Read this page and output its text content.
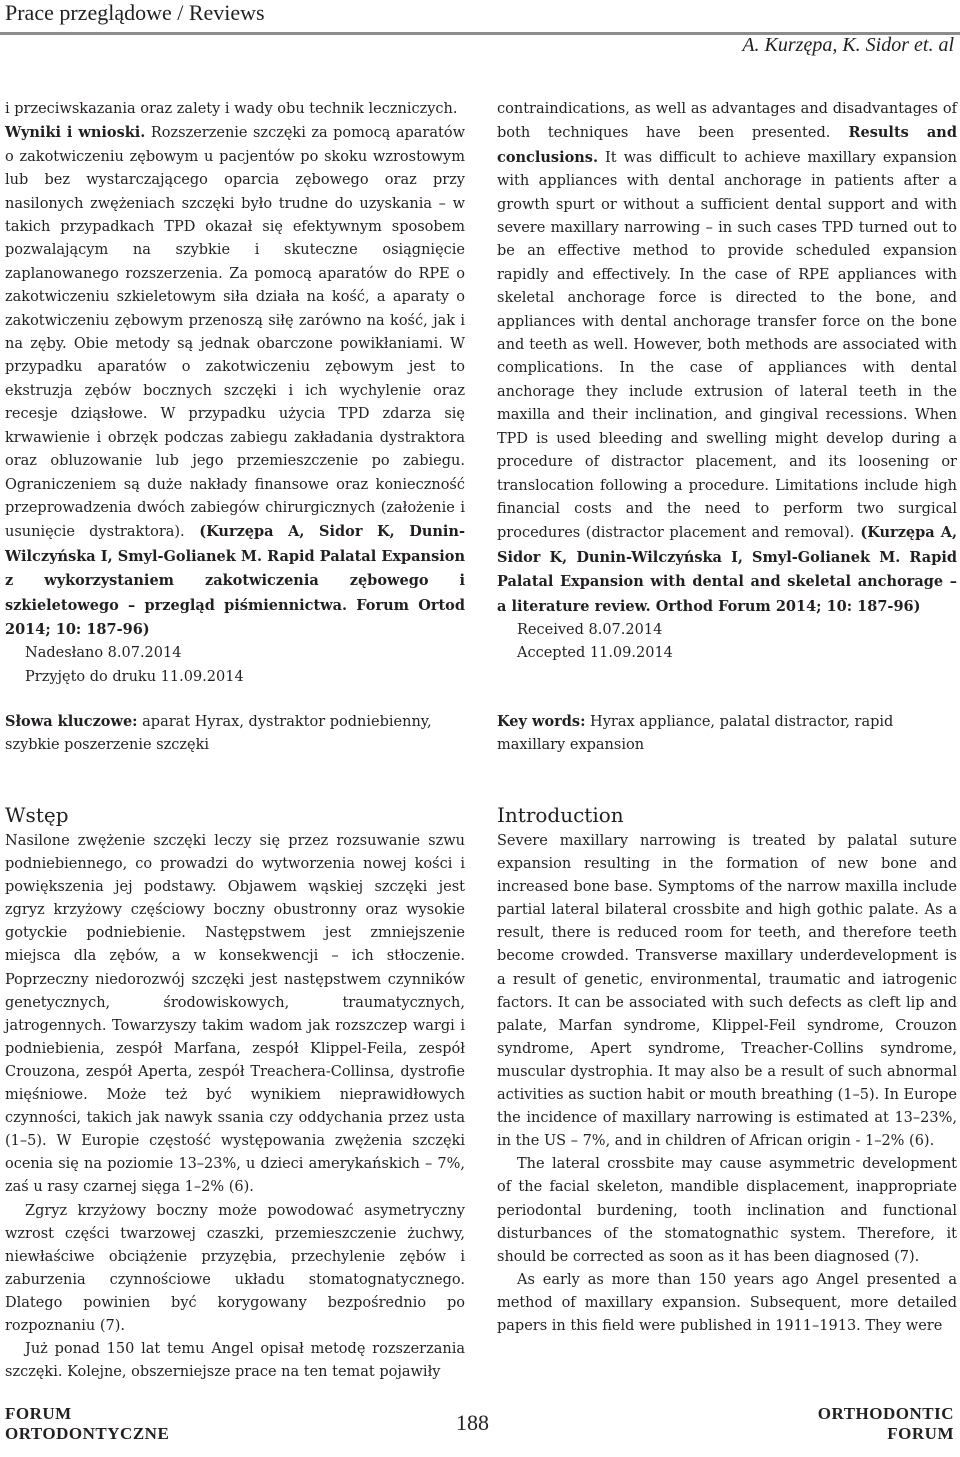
Prace przeglądowe / Reviews
A. Kurzępa, K. Sidor et. al

i przeciwskazania oraz zalety i wady obu technik leczniczych.
Wyniki i wnioski. Rozszerzenie szczęki za pomocą aparatów o zakotwiczeniu zębowym u pacjentów po skoku wzrostowym lub bez wystarczającego oparcia zębowego oraz przy nasilonych zwężeniach szczęki było trudne do uzyskania – w takich przypadkach TPD okazał się efektywnym sposobem pozwalającym na szybkie i skuteczne osiągnięcie zaplanowanego rozszerzenia. Za pomocą aparatów do RPE o zakotwiczeniu szkieletowym siła działa na kość, a aparaty o zakotwiczeniu zębowym przenoszą siłę zarówno na kość, jak i na zęby. Obie metody są jednak obarczone powikłaniami. W przypadku aparatów o zakotwiczeniu zębowym jest to ekstruzja zębów bocznych szczęki i ich wychylenie oraz recesje dziąsłowe. W przypadku użycia TPD zdarza się krwawienie i obrzęk podczas zabiegu zakładania dystraktora oraz obluzowanie lub jego przemieszczenie po zabiegu. Ograniczeniem są duże nakłady finansowe oraz konieczność przeprowadzenia dwóch zabiegów chirurgicznych (założenie i usunięcie dystraktora). (Kurzępa A, Sidor K, Dunin-Wilczyńska I, Smyl-Golianek M. Rapid Palatal Expansion z wykorzystaniem zakotwiczenia zębowego i szkieletowego – przegląd piśmiennictwa. Forum Ortod 2014; 10: 187-96)

Nadesłano 8.07.2014

Przyjęto do druku 11.09.2014

contraindications, as well as advantages and disadvantages of both techniques have been presented. Results and conclusions. It was difficult to achieve maxillary expansion with appliances with dental anchorage in patients after a growth spurt or without a sufficient dental support and with severe maxillary narrowing – in such cases TPD turned out to be an effective method to provide scheduled expansion rapidly and effectively. In the case of RPE appliances with skeletal anchorage force is directed to the bone, and appliances with dental anchorage transfer force on the bone and teeth as well. However, both methods are associated with complications. In the case of appliances with dental anchorage they include extrusion of lateral teeth in the maxilla and their inclination, and gingival recessions. When TPD is used bleeding and swelling might develop during a procedure of distractor placement, and its loosening or translocation following a procedure. Limitations include high financial costs and the need to perform two surgical procedures (distractor placement and removal). (Kurzępa A, Sidor K, Dunin-Wilczyńska I, Smyl-Golianek M. Rapid Palatal Expansion with dental and skeletal anchorage – a literature review. Orthod Forum 2014; 10: 187-96)

Received 8.07.2014

Accepted 11.09.2014

Słowa kluczowe: aparat Hyrax, dystraktor podniebienny, szybkie poszerzenie szczęki
Key words: Hyrax appliance, palatal distractor, rapid maxillary expansion
Wstęp

Nasilone zwężenie szczęki leczy się przez rozsuwanie szwu podniebiennego, co prowadzi do wytworzenia nowej kości i powiększenia jej podstawy. Objawem wąskiej szczęki jest zgryz krzyżowy częściowy boczny obustronny oraz wysokie gotyckie podniebienie. Następstwem jest zmniejszenie miejsca dla zębów, a w konsekwencji – ich stłoczenie. Poprzeczny niedorozwój szczęki jest następstwem czynników genetycznych, środowiskowych, traumatycznych, jatrogennych. Towarzyszy takim wadom jak rozszczep wargi i podniebienia, zespół Marfana, zespół Klippel-Feila, zespół Crouzona, zespół Aperta, zespół Treachera-Collinsa, dystrofie mięśniowe. Może też być wynikiem nieprawidłowych czynności, takich jak nawyk ssania czy oddychania przez usta (1–5). W Europie częstość występowania zwężenia szczęki ocenia się na poziomie 13–23%, u dzieci amerykańskich – 7%, zaś u rasy czarnej sięga 1–2% (6).

Zgryz krzyżowy boczny może powodować asymetryczny wzrost części twarzowej czaszki, przemieszczenie żuchwy, niewłaściwe obciążenie przyzębia, przechylenie zębów i zaburzenia czynnościowe układu stomatognatycznego. Dlatego powinien być korygowany bezpośrednio po rozpoznaniu (7).

Już ponad 150 lat temu Angel opisał metodę rozszerzania szczęki. Kolejne, obszerniejsze prace na ten temat pojawiły

Introduction

Severe maxillary narrowing is treated by palatal suture expansion resulting in the formation of new bone and increased bone base. Symptoms of the narrow maxilla include partial lateral bilateral crossbite and high gothic palate. As a result, there is reduced room for teeth, and therefore teeth become crowded. Transverse maxillary underdevelopment is a result of genetic, environmental, traumatic and iatrogenic factors. It can be associated with such defects as cleft lip and palate, Marfan syndrome, Klippel-Feil syndrome, Crouzon syndrome, Apert syndrome, Treacher-Collins syndrome, muscular dystrophia. It may also be a result of such abnormal activities as suction habit or mouth breathing (1–5). In Europe the incidence of maxillary narrowing is estimated at 13–23%, in the US – 7%, and in children of African origin - 1–2% (6).

The lateral crossbite may cause asymmetric development of the facial skeleton, mandible displacement, inappropriate periodontal burdening, tooth inclination and functional disturbances of the stomatognathic system. Therefore, it should be corrected as soon as it has been diagnosed (7).

As early as more than 150 years ago Angel presented a method of maxillary expansion. Subsequent, more detailed papers in this field were published in 1911–1913. They were

FORUM
ORTODONTYCZNE	188	ORTHODONTIC
FORUM
